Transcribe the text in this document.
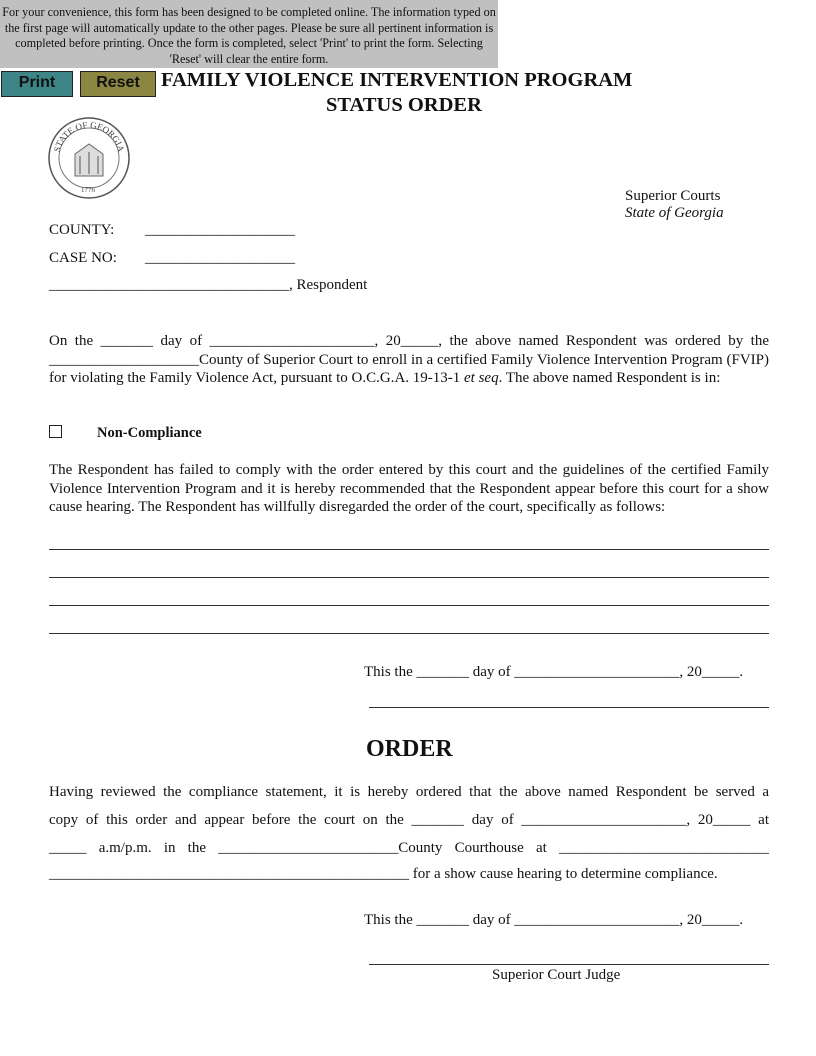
For your convenience, this form has been designed to be completed online. The information typed on the first page will automatically update to the other pages. Please be sure all pertinent information is completed before printing. Once the form is completed, select 'Print' to print the form. Selecting 'Reset' will clear the entire form.
Print	Reset	FAMILY VIOLENCE INTERVENTION PROGRAM
STATUS ORDER
STATE OF GEORGIA
1776	Superior Courts
State of Georgia
COUNTY: ____________________
CASE NO: ____________________
________________________________, Respondent
On the _______ day of ______________________, 20_____, the above named Respondent was ordered by the ____________________County of Superior Court to enroll in a certified Family Violence Intervention Program (FVIP) for violating the Family Violence Act, pursuant to O.C.G.A. 19-13-1 et seq. The above named Respondent is in:
Non-Compliance
The Respondent has failed to comply with the order entered by this court and the guidelines of the certified Family Violence Intervention Program and it is hereby recommended that the Respondent appear before this court for a show cause hearing. The Respondent has willfully disregarded the order of the court, specifically as follows:
This the _______ day of ______________________, 20_____.
ORDER
Having reviewed the compliance statement, it is hereby ordered that the above named Respondent be served a
copy of this order and appear before the court on the _______ day of ______________________, 20_____ at
_____ a.m/p.m. in the ________________________County Courthouse at ____________________________
________________________________________________ for a show cause hearing to determine compliance.
This the _______ day of ______________________, 20_____.
Superior Court Judge
